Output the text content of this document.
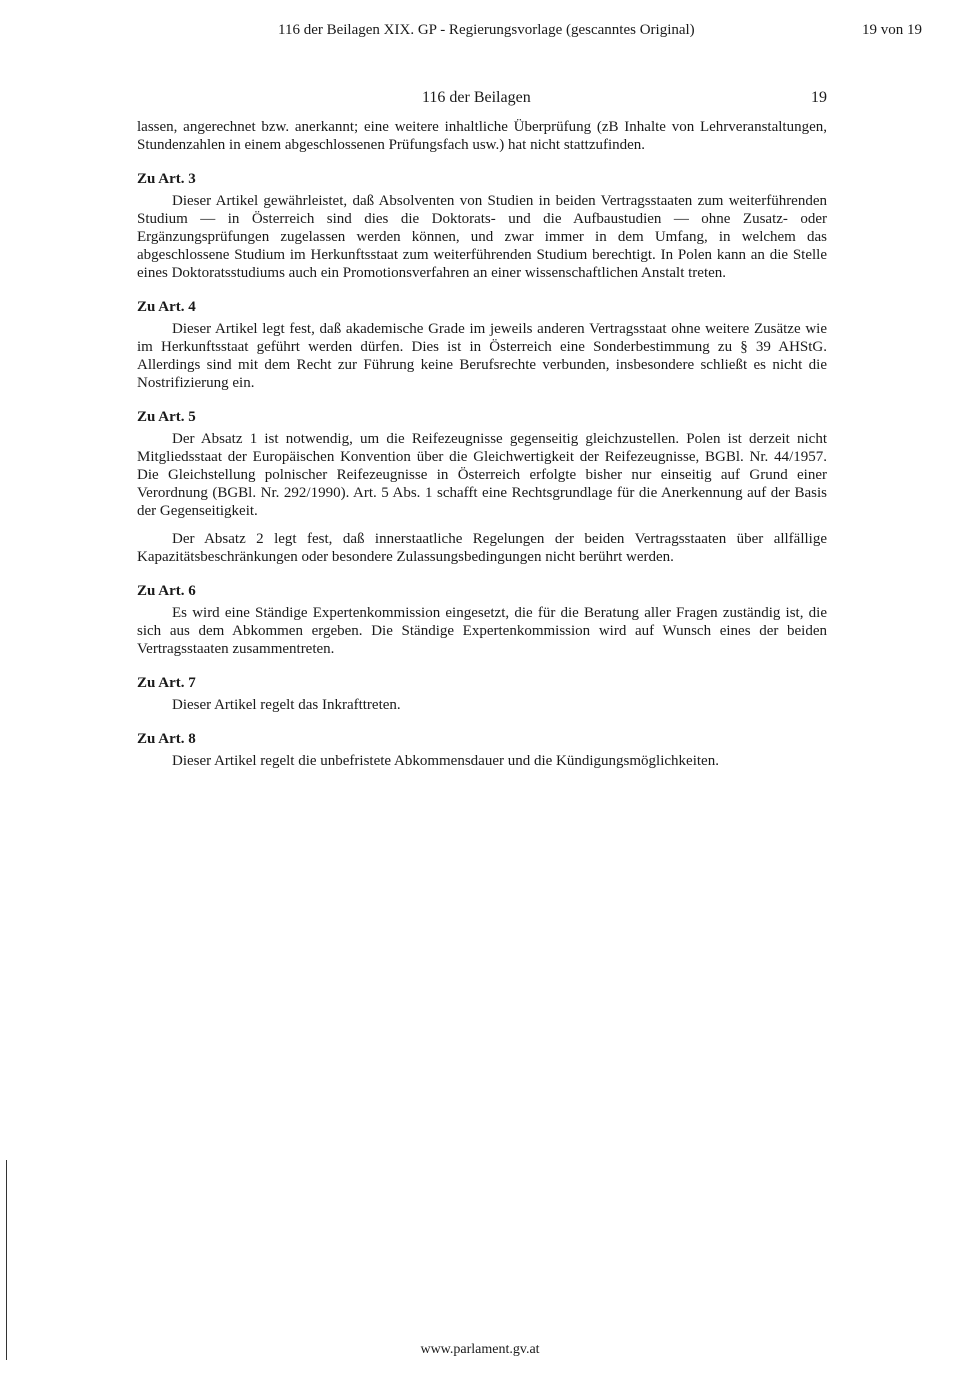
116 der Beilagen XIX. GP - Regierungsvorlage (gescanntes Original)	19 von 19
116 der Beilagen	19

lassen, angerechnet bzw. anerkannt; eine weitere inhaltliche Überprüfung (zB Inhalte von Lehrveranstaltungen, Stundenzahlen in einem abgeschlossenen Prüfungsfach usw.) hat nicht stattzufinden.

Zu Art. 3

Dieser Artikel gewährleistet, daß Absolventen von Studien in beiden Vertragsstaaten zum weiterführenden Studium — in Österreich sind dies die Doktorats- und die Aufbaustudien — ohne Zusatz- oder Ergänzungsprüfungen zugelassen werden können, und zwar immer in dem Umfang, in welchem das abgeschlossene Studium im Herkunftsstaat zum weiterführenden Studium berechtigt. In Polen kann an die Stelle eines Doktoratsstudiums auch ein Promotionsverfahren an einer wissenschaftlichen Anstalt treten.

Zu Art. 4

Dieser Artikel legt fest, daß akademische Grade im jeweils anderen Vertragsstaat ohne weitere Zusätze wie im Herkunftsstaat geführt werden dürfen. Dies ist in Österreich eine Sonderbestimmung zu § 39 AHStG. Allerdings sind mit dem Recht zur Führung keine Berufsrechte verbunden, insbesondere schließt es nicht die Nostrifizierung ein.

Zu Art. 5

Der Absatz 1 ist notwendig, um die Reifezeugnisse gegenseitig gleichzustellen. Polen ist derzeit nicht Mitgliedsstaat der Europäischen Konvention über die Gleichwertigkeit der Reifezeugnisse, BGBl. Nr. 44/1957. Die Gleichstellung polnischer Reifezeugnisse in Österreich erfolgte bisher nur einseitig auf Grund einer Verordnung (BGBl. Nr. 292/1990). Art. 5 Abs. 1 schafft eine Rechtsgrundlage für die Anerkennung auf der Basis der Gegenseitigkeit.

Der Absatz 2 legt fest, daß innerstaatliche Regelungen der beiden Vertragsstaaten über allfällige Kapazitätsbeschränkungen oder besondere Zulassungsbedingungen nicht berührt werden.

Zu Art. 6

Es wird eine Ständige Expertenkommission eingesetzt, die für die Beratung aller Fragen zuständig ist, die sich aus dem Abkommen ergeben. Die Ständige Expertenkommission wird auf Wunsch eines der beiden Vertragsstaaten zusammentreten.

Zu Art. 7

Dieser Artikel regelt das Inkrafttreten.

Zu Art. 8

Dieser Artikel regelt die unbefristete Abkommensdauer und die Kündigungsmöglichkeiten.

www.parlament.gv.at
